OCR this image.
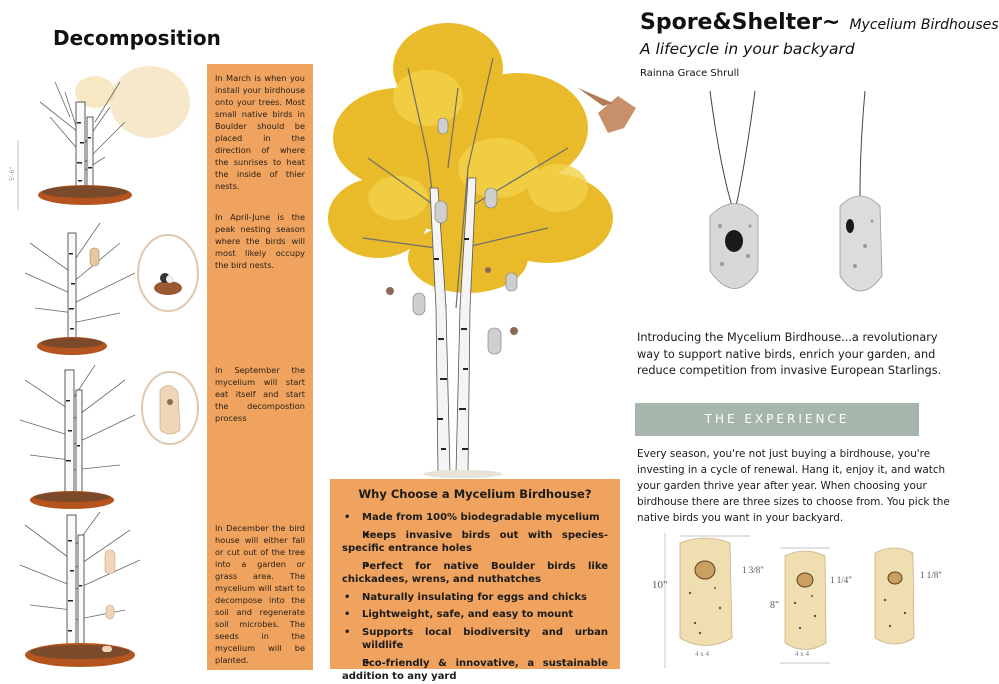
Decomposition
5'-6"
In March is when you install your birdhouse onto your trees. Most small native birds in Boulder should be placed in the direction of where the sunrises to heat the inside of thier nests.
In April-June is the peak nesting season where the birds will most likely occupy the bird nests.
In September the mycelium will start eat itself and start the decompostion process
In December the bird house will either fall or cut out of the tree into a garden or grass area. The mycelium will start to decompose into the soil and regenerate soil microbes. The seeds in the mycelium will be planted.
Why Choose a Mycelium Birdhouse?
• Made from 100% biodegradable mycelium
• Keeps invasive birds out with species-specific entrance holes
• Perfect for native Boulder birds like chickadees, wrens, and nuthatches
• Naturally insulating for eggs and chicks
• Lightweight, safe, and easy to mount
• Supports local biodiversity and urban wildlife
• Eco-friendly & innovative, a sustainable addition to any yard
Spore&Shelter~ Mycelium Birdhouses
A lifecycle in your backyard
Rainna Grace Shrull
Introducing the Mycelium Birdhouse...a revolutionary way to support native birds, enrich your garden, and reduce competition from invasive European Starlings.
THE EXPERIENCE
Every season, you're not just buying a birdhouse, you're investing in a cycle of renewal. Hang it, enjoy it, and watch your garden thrive year after year. When choosing your birdhouse there are three sizes to choose from. You pick the native birds you want in your backyard.
10"
1 3/8"
4 x 4
8"
1 1/4"
4 x 4
1 1/8"
